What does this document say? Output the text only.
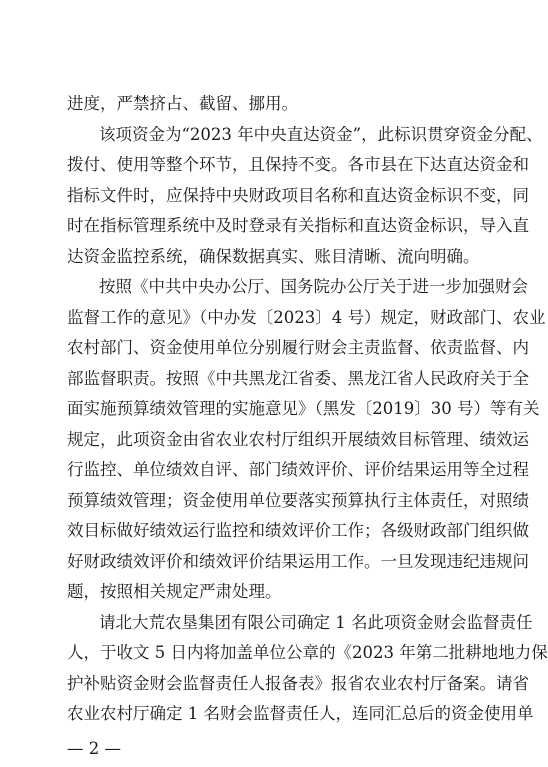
进度，严禁挤占、截留、挪用。
该项资金为“2023 年中央直达资金”，此标识贯穿资金分配、
拨付、使用等整个环节，且保持不变。各市县在下达直达资金和
指标文件时，应保持中央财政项目名称和直达资金标识不变，同
时在指标管理系统中及时登录有关指标和直达资金标识，导入直
达资金监控系统，确保数据真实、账目清晰、流向明确。
按照《中共中央办公厅、国务院办公厅关于进一步加强财会
监督工作的意见》（中办发〔2023〕4 号）规定，财政部门、农业
农村部门、资金使用单位分别履行财会主责监督、依责监督、内
部监督职责。按照《中共黑龙江省委、黑龙江省人民政府关于全
面实施预算绩效管理的实施意见》（黑发〔2019〕30 号）等有关
规定，此项资金由省农业农村厅组织开展绩效目标管理、绩效运
行监控、单位绩效自评、部门绩效评价、评价结果运用等全过程
预算绩效管理；资金使用单位要落实预算执行主体责任，对照绩
效目标做好绩效运行监控和绩效评价工作；各级财政部门组织做
好财政绩效评价和绩效评价结果运用工作。一旦发现违纪违规问
题，按照相关规定严肃处理。
请北大荒农垦集团有限公司确定 1 名此项资金财会监督责任
人，于收文 5 日内将加盖单位公章的《2023 年第二批耕地地力保
— 2 —
护补贴资金财会监督责任人报备表》报省农业农村厅备案。请省
农业农村厅确定 1 名财会监督责任人，连同汇总后的资金使用单
